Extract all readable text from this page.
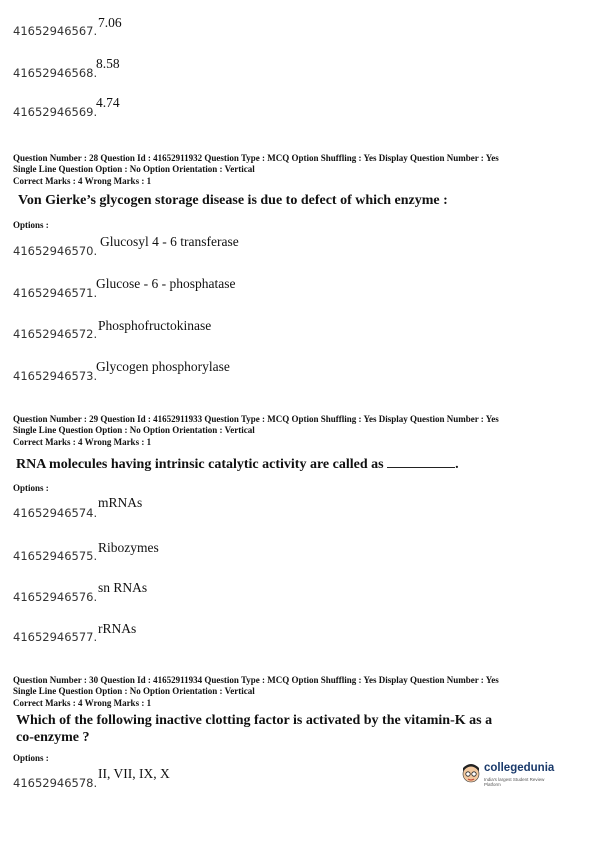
41652946567.
7.06
41652946568.
8.58
41652946569.
4.74
Question Number : 28 Question Id : 41652911932 Question Type : MCQ Option Shuffling : Yes Display Question Number : Yes
Single Line Question Option : No Option Orientation : Vertical
Correct Marks : 4 Wrong Marks : 1
Von Gierke’s glycogen storage disease is due to defect of which enzyme :
Options :
41652946570.
Glucosyl 4 - 6 transferase
41652946571.
Glucose - 6 - phosphatase
41652946572.
Phosphofructokinase
41652946573.
Glycogen phosphorylase
Question Number : 29 Question Id : 41652911933 Question Type : MCQ Option Shuffling : Yes Display Question Number : Yes
Single Line Question Option : No Option Orientation : Vertical
Correct Marks : 4 Wrong Marks : 1
RNA molecules having intrinsic catalytic activity are called as	.
Options :
41652946574.
mRNAs
41652946575.
Ribozymes
41652946576.
sn RNAs
41652946577.
rRNAs
Question Number : 30 Question Id : 41652911934 Question Type : MCQ Option Shuffling : Yes Display Question Number : Yes
Single Line Question Option : No Option Orientation : Vertical
Correct Marks : 4 Wrong Marks : 1
Which of the following inactive clotting factor is activated by the vitamin-K as a
co-enzyme ?
Options :
41652946578.
II, VII, IX, X	collegedunia
India's largest Student Review Platform
